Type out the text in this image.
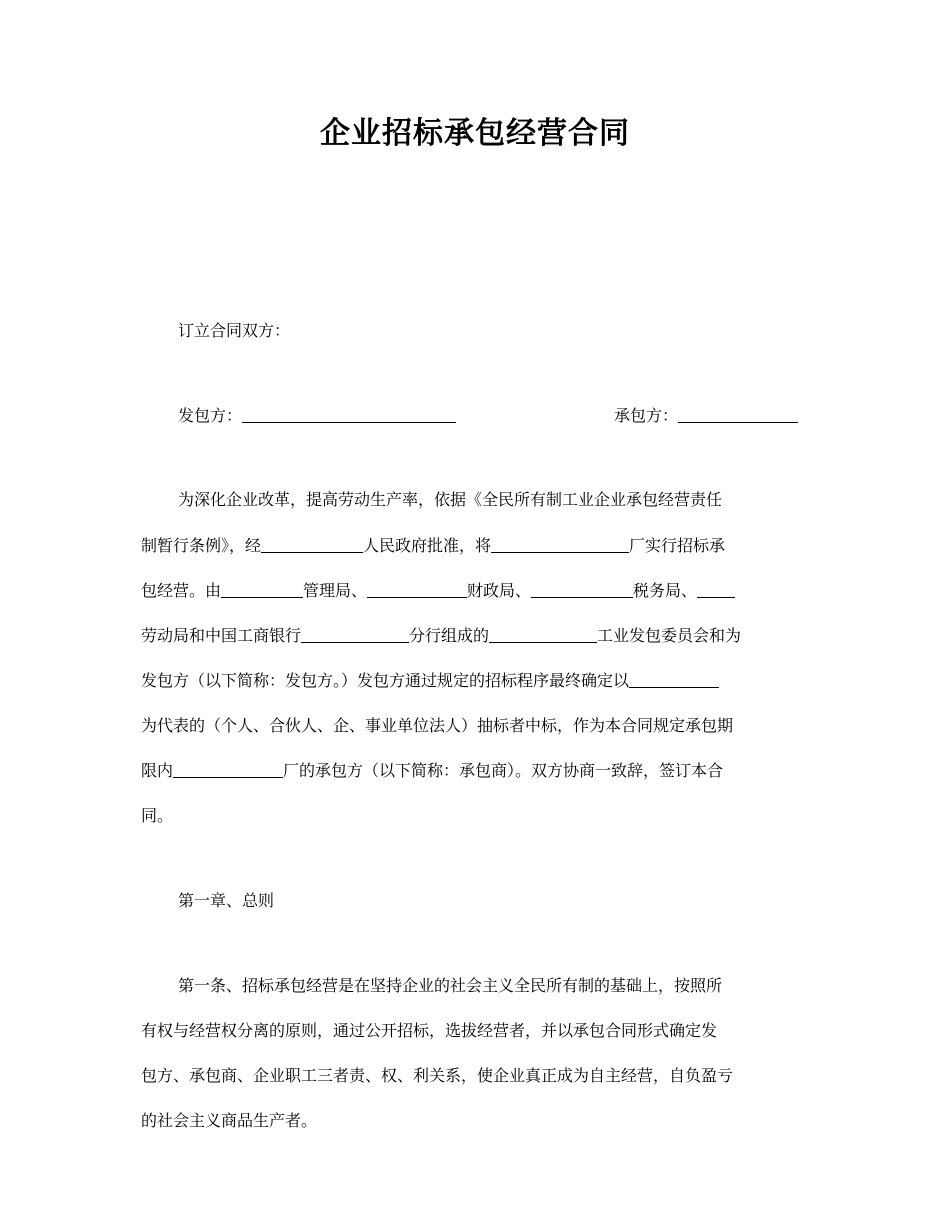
企业招标承包经营合同
订立合同双方：
发包方：	承包方：
为深化企业改革，提高劳动生产率，依据《全民所有制工业企业承包经营责任
制暂行条例》，经	人民政府批准，将	厂实行招标承
包经营。由	管理局、	财政局、	税务局、
劳动局和中国工商银行	分行组成的	工业发包委员会和为
发包方（以下简称：发包方。）发包方通过规定的招标程序最终确定以
为代表的（个人、合伙人、企、事业单位法人）抽标者中标，作为本合同规定承包期
限内	厂的承包方（以下简称：承包商）。双方协商一致辞，签订本合
同。
第一章、总则
第一条、招标承包经营是在坚持企业的社会主义全民所有制的基础上，按照所
有权与经营权分离的原则，通过公开招标，选拔经营者，并以承包合同形式确定发
包方、承包商、企业职工三者责、权、利关系，使企业真正成为自主经营，自负盈亏
的社会主义商品生产者。
